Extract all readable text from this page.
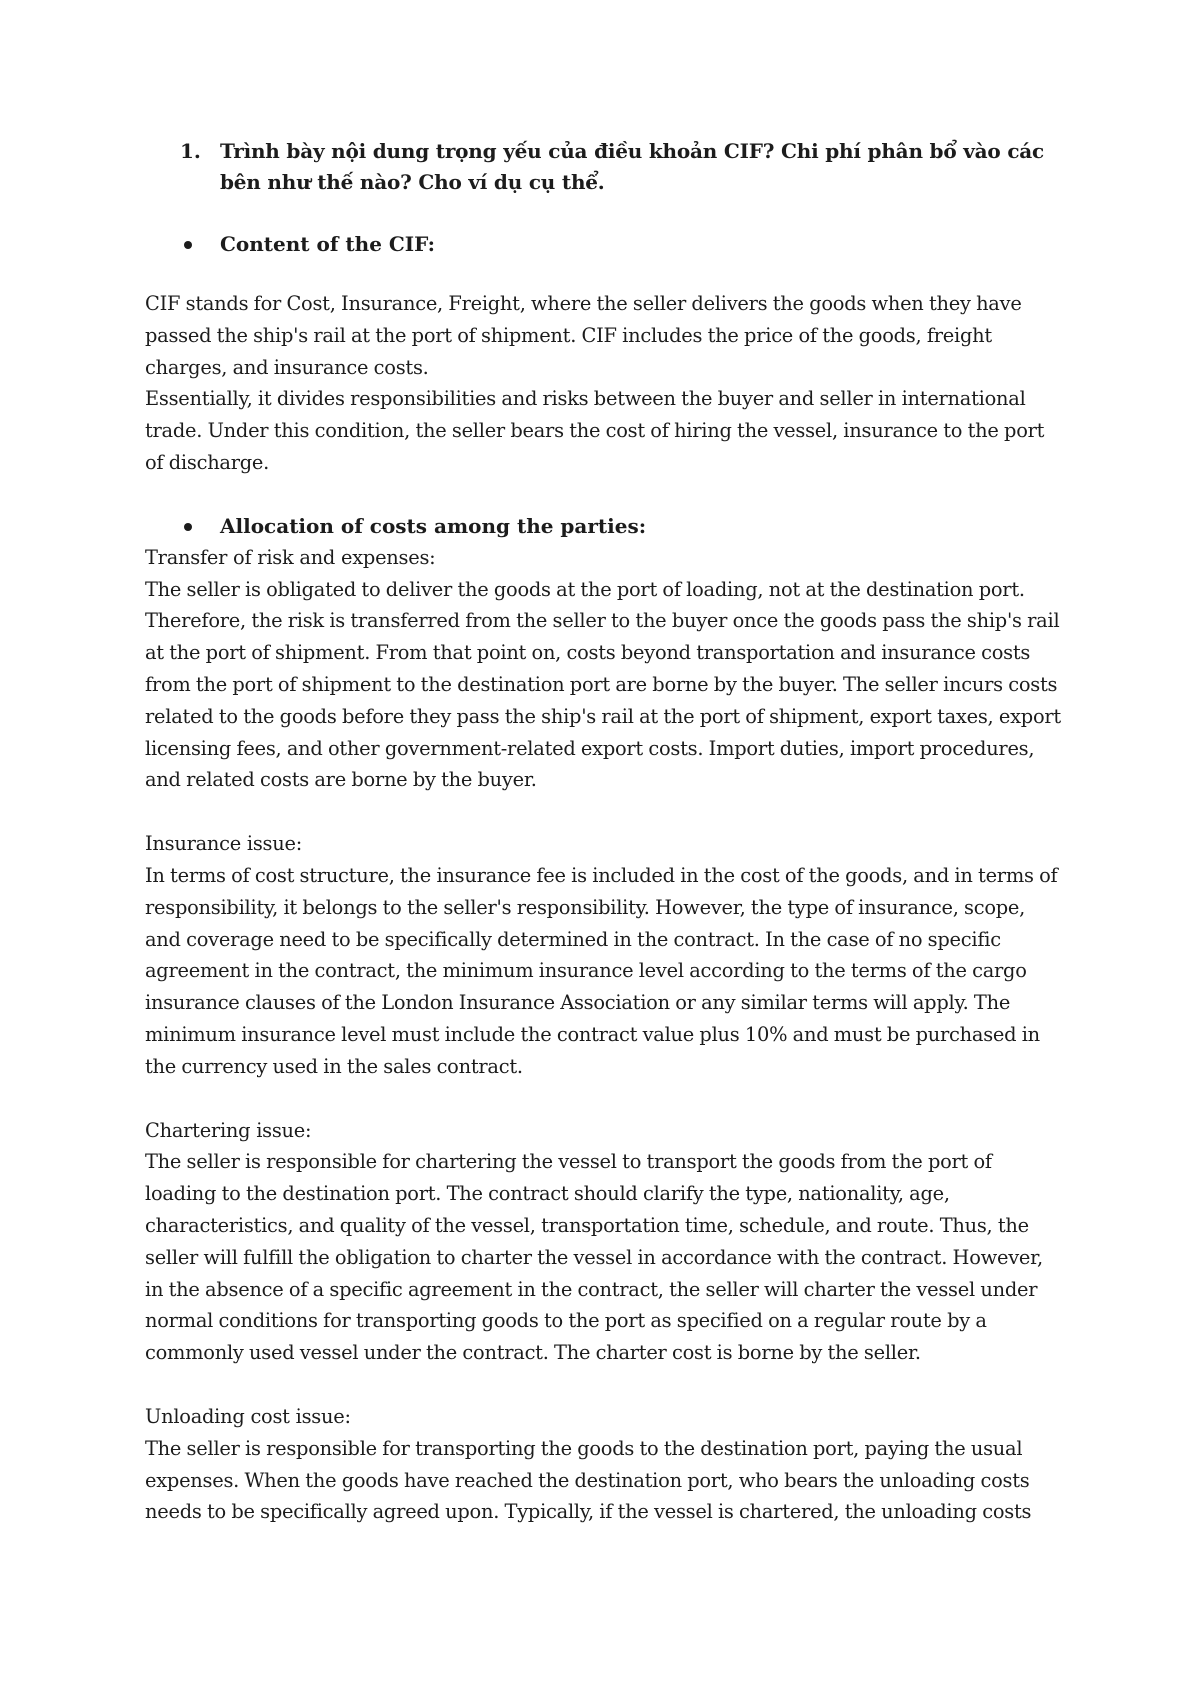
1. Trình bày nội dung trọng yếu của điều khoản CIF? Chi phí phân bổ vào các bên như thế nào? Cho ví dụ cụ thể.
Content of the CIF:

CIF stands for Cost, Insurance, Freight, where the seller delivers the goods when they have passed the ship's rail at the port of shipment. CIF includes the price of the goods, freight charges, and insurance costs.

Essentially, it divides responsibilities and risks between the buyer and seller in international trade. Under this condition, the seller bears the cost of hiring the vessel, insurance to the port of discharge.

Allocation of costs among the parties:

Transfer of risk and expenses:

The seller is obligated to deliver the goods at the port of loading, not at the destination port. Therefore, the risk is transferred from the seller to the buyer once the goods pass the ship's rail at the port of shipment. From that point on, costs beyond transportation and insurance costs from the port of shipment to the destination port are borne by the buyer. The seller incurs costs related to the goods before they pass the ship's rail at the port of shipment, export taxes, export licensing fees, and other government-related export costs. Import duties, import procedures, and related costs are borne by the buyer.

Insurance issue:

In terms of cost structure, the insurance fee is included in the cost of the goods, and in terms of responsibility, it belongs to the seller's responsibility. However, the type of insurance, scope, and coverage need to be specifically determined in the contract. In the case of no specific agreement in the contract, the minimum insurance level according to the terms of the cargo insurance clauses of the London Insurance Association or any similar terms will apply. The minimum insurance level must include the contract value plus 10% and must be purchased in the currency used in the sales contract.

Chartering issue:

The seller is responsible for chartering the vessel to transport the goods from the port of loading to the destination port. The contract should clarify the type, nationality, age, characteristics, and quality of the vessel, transportation time, schedule, and route. Thus, the seller will fulfill the obligation to charter the vessel in accordance with the contract. However, in the absence of a specific agreement in the contract, the seller will charter the vessel under normal conditions for transporting goods to the port as specified on a regular route by a commonly used vessel under the contract. The charter cost is borne by the seller.

Unloading cost issue:

The seller is responsible for transporting the goods to the destination port, paying the usual expenses. When the goods have reached the destination port, who bears the unloading costs needs to be specifically agreed upon. Typically, if the vessel is chartered, the unloading costs
